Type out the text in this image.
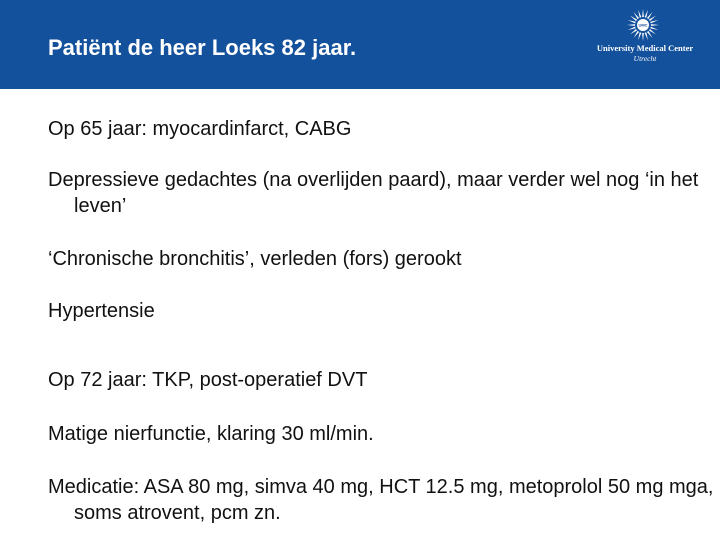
Patiënt de heer Loeks 82 jaar.
UMC
University Medical Center
Utrecht

Op 65 jaar: myocardinfarct, CABG

Depressieve gedachtes (na overlijden paard), maar verder wel nog ‘in het leven’

‘Chronische bronchitis’, verleden (fors) gerookt

Hypertensie

Op 72 jaar: TKP, post-operatief DVT

Matige nierfunctie, klaring 30 ml/min.

Medicatie: ASA 80 mg, simva 40 mg, HCT 12.5 mg, metoprolol 50 mg mga, soms atrovent, pcm zn.
